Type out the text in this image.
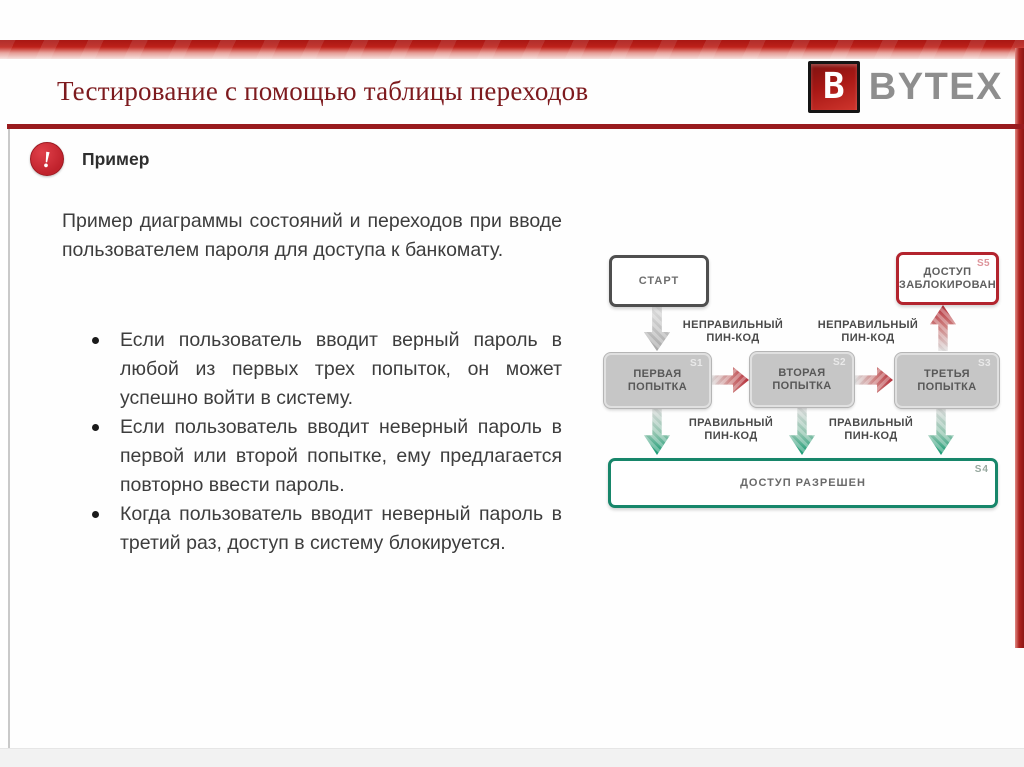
Тестирование с помощью таблицы переходов	B BYTEX
! Пример

Пример диаграммы состояний и переходов при вводе пользователем пароля для доступа к банкомату.

Если пользователь вводит верный пароль в любой из первых трех попыток, он может успешно войти в систему.
Если пользователь вводит неверный пароль в первой или второй попытке, ему предлагается повторно ввести пароль.
Когда пользователь вводит неверный пароль в третий раз, доступ в систему блокируется.
НЕПРАВИЛЬНЫЙ ПИН-КОД
НЕПРАВИЛЬНЫЙ ПИН-КОД
ПРАВИЛЬНЫЙ ПИН-КОД
ПРАВИЛЬНЫЙ ПИН-КОД
СТАРТ
S5
ДОСТУП ЗАБЛОКИРОВАН
S1
ПЕРВАЯ ПОПЫТКА
S2
ВТОРАЯ ПОПЫТКА
S3
ТРЕТЬЯ ПОПЫТКА
S4
ДОСТУП РАЗРЕШЕН
